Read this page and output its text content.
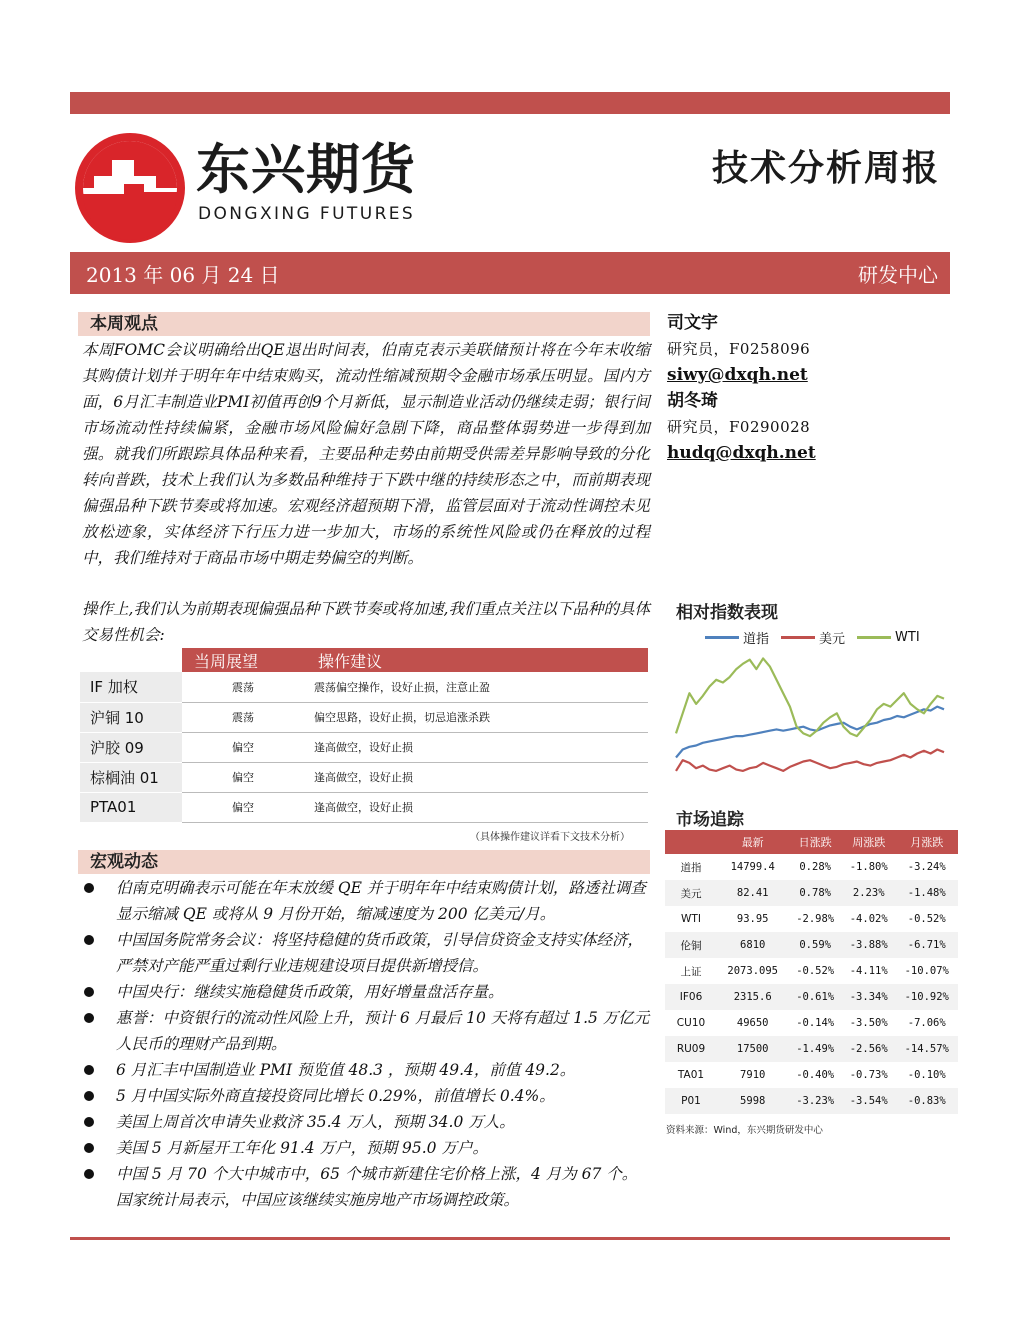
东兴期货
DONGXING FUTURES
技术分析周报
2013 年 06 月 24 日	研发中心
本周观点
本周FOMC会议明确给出QE退出时间表，伯南克表示美联储预计将在今年末收缩其购债计划并于明年年中结束购买，流动性缩减预期令金融市场承压明显。国内方面，6月汇丰制造业PMI初值再创9个月新低，显示制造业活动仍继续走弱；银行间市场流动性持续偏紧，金融市场风险偏好急剧下降，商品整体弱势进一步得到加强。就我们所跟踪具体品种来看，主要品种走势由前期受供需差异影响导致的分化转向普跌，技术上我们认为多数品种维持于下跌中继的持续形态之中，而前期表现偏强品种下跌节奏或将加速。宏观经济超预期下滑，监管层面对于流动性调控未见放松迹象，实体经济下行压力进一步加大，市场的系统性风险或仍在释放的过程中，我们维持对于商品市场中期走势偏空的判断。
操作上,我们认为前期表现偏强品种下跌节奏或将加速,我们重点关注以下品种的具体交易性机会:
司文宇
研究员，F0258096
siwy@dxqh.net
胡冬琦
研究员，F0290028
hudq@dxqh.net
	当周展望	操作建议
IF 加权	震荡	震荡偏空操作，设好止损，注意止盈
沪铜 10	震荡	偏空思路，设好止损，切忌追涨杀跌
沪胶 09	偏空	逢高做空，设好止损
棕榈油 01	偏空	逢高做空，设好止损
PTA01	偏空	逢高做空，设好止损
（具体操作建议详看下文技术分析）
宏观动态
伯南克明确表示可能在年末放缓 QE 并于明年年中结束购债计划，路透社调查显示缩减 QE 或将从 9 月份开始，缩减速度为 200 亿美元/月。
中国国务院常务会议：将坚持稳健的货币政策，引导信贷资金支持实体经济，严禁对产能严重过剩行业违规建设项目提供新增授信。
中国央行：继续实施稳健货币政策，用好增量盘活存量。
惠誉：中资银行的流动性风险上升，预计 6 月最后 10 天将有超过 1.5 万亿元人民币的理财产品到期。
6 月汇丰中国制造业 PMI 预览值 48.3 ，预期 49.4，前值 49.2。
5 月中国实际外商直接投资同比增长 0.29%，前值增长 0.4%。
美国上周首次申请失业救济 35.4 万人，预期 34.0 万人。
美国 5 月新屋开工年化 91.4 万户，预期 95.0 万户。
中国 5 月 70 个大中城市中，65 个城市新建住宅价格上涨，4 月为 67 个。国家统计局表示，中国应该继续实施房地产市场调控政策。
相对指数表现
道指	美元	WTI
市场追踪
	最新	日涨跌	周涨跌	月涨跌
道指	14799.4	0.28%	-1.80%	-3.24%
美元	82.41	0.78%	2.23%	-1.48%
WTI	93.95	-2.98%	-4.02%	-0.52%
伦铜	6810	0.59%	-3.88%	-6.71%
上证	2073.095	-0.52%	-4.11%	-10.07%
IF06	2315.6	-0.61%	-3.34%	-10.92%
CU10	49650	-0.14%	-3.50%	-7.06%
RU09	17500	-1.49%	-2.56%	-14.57%
TA01	7910	-0.40%	-0.73%	-0.10%
P01	5998	-3.23%	-3.54%	-0.83%
资料来源：Wind，东兴期货研发中心
